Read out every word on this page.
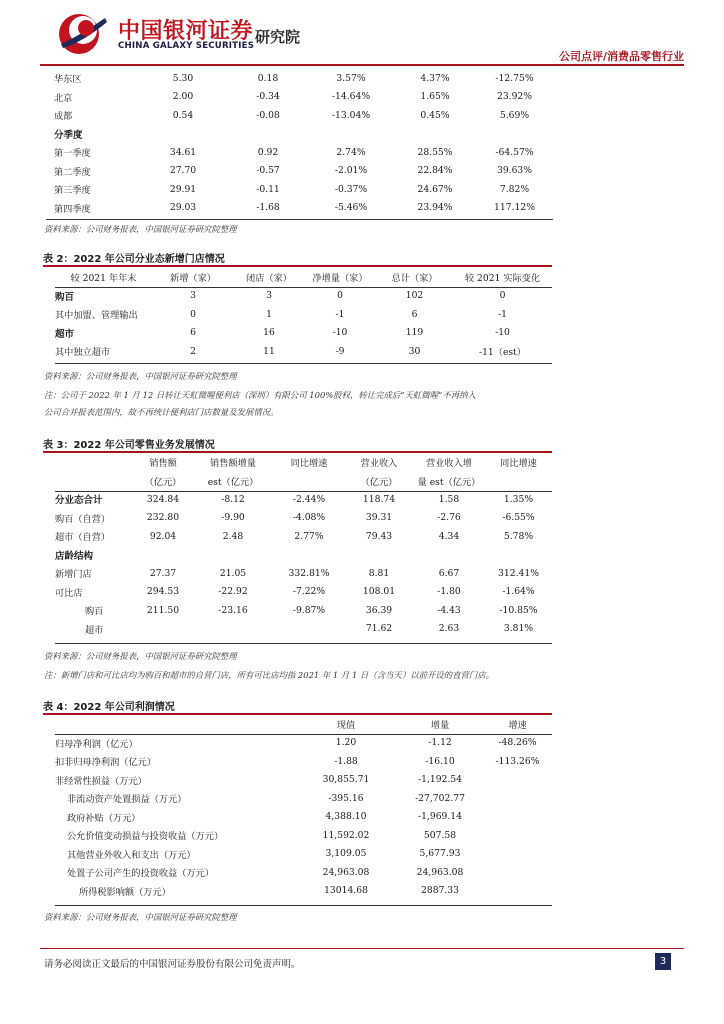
中国银河证券
CHINA GALAXY SECURITIES 研究院
公司点评/消费品零售行业
华东区	5.30	0.18	3.57%	4.37%	-12.75%
北京	2.00	-0.34	-14.64%	1.65%	23.92%
成都	0.54	-0.08	-13.04%	0.45%	5.69%
分季度					
第一季度	34.61	0.92	2.74%	28.55%	-64.57%
第二季度	27.70	-0.57	-2.01%	22.84%	39.63%
第三季度	29.91	-0.11	-0.37%	24.67%	7.82%
第四季度	29.03	-1.68	-5.46%	23.94%	117.12%
资料来源：公司财务报表，中国银河证券研究院整理
表 2：2022 年公司分业态新增门店情况
较 2021 年年末	新增（家）	闭店（家）	净增量（家）	总计（家）	较 2021 实际变化
购百	3	3	0	102	0
其中加盟、管理输出	0	1	-1	6	-1
超市	6	16	-10	119	-10
其中独立超市	2	11	-9	30	-11（est）
资料来源：公司财务报表，中国银河证券研究院整理
注：公司于 2022 年 1 月 12 日转让天虹微喔便利店（深圳）有限公司 100%股权，转让完成后“天虹微喔”不再纳入
公司合并报表范围内，故不再统计便利店门店数量及发展情况。
表 3：2022 年公司零售业务发展情况
	销售额	销售额增量	同比增速	营业收入	营业收入增	同比增速
	（亿元）	est（亿元）		（亿元）	量 est（亿元）	
分业态合计	324.84	-8.12	-2.44%	118.74	1.58	1.35%
购百（自营）	232.80	-9.90	-4.08%	39.31	-2.76	-6.55%
超市（自营）	92.04	2.48	2.77%	79.43	4.34	5.78%
店龄结构						
新增门店	27.37	21.05	332.81%	8.81	6.67	312.41%
可比店	294.53	-22.92	-7.22%	108.01	-1.80	-1.64%
购百	211.50	-23.16	-9.87%	36.39	-4.43	-10.85%
超市				71.62	2.63	3.81%
资料来源：公司财务报表，中国银河证券研究院整理
注：新增门店和可比店均为购百和超市的自营门店，所有可比店均指 2021 年 1 月 1 日（含当天）以前开设的直营门店。
表 4：2022 年公司利润情况
	现值	增量	增速
归母净利润（亿元）	1.20	-1.12	-48.26%
扣非归母净利润（亿元）	-1.88	-16.10	-113.26%
非经常性损益（万元）	30,855.71	-1,192.54	
非流动资产处置损益（万元）	-395.16	-27,702.77	
政府补贴（万元）	4,388.10	-1,969.14	
公允价值变动损益与投资收益（万元）	11,592.02	507.58	
其他营业外收入和支出（万元）	3,109.05	5,677.93	
处置子公司产生的投资收益（万元）	24,963.08	24,963.08	
所得税影响额（万元）	13014.68	2887.33	
资料来源：公司财务报表，中国银河证券研究院整理
请务必阅读正文最后的中国银河证券股份有限公司免责声明。	3
